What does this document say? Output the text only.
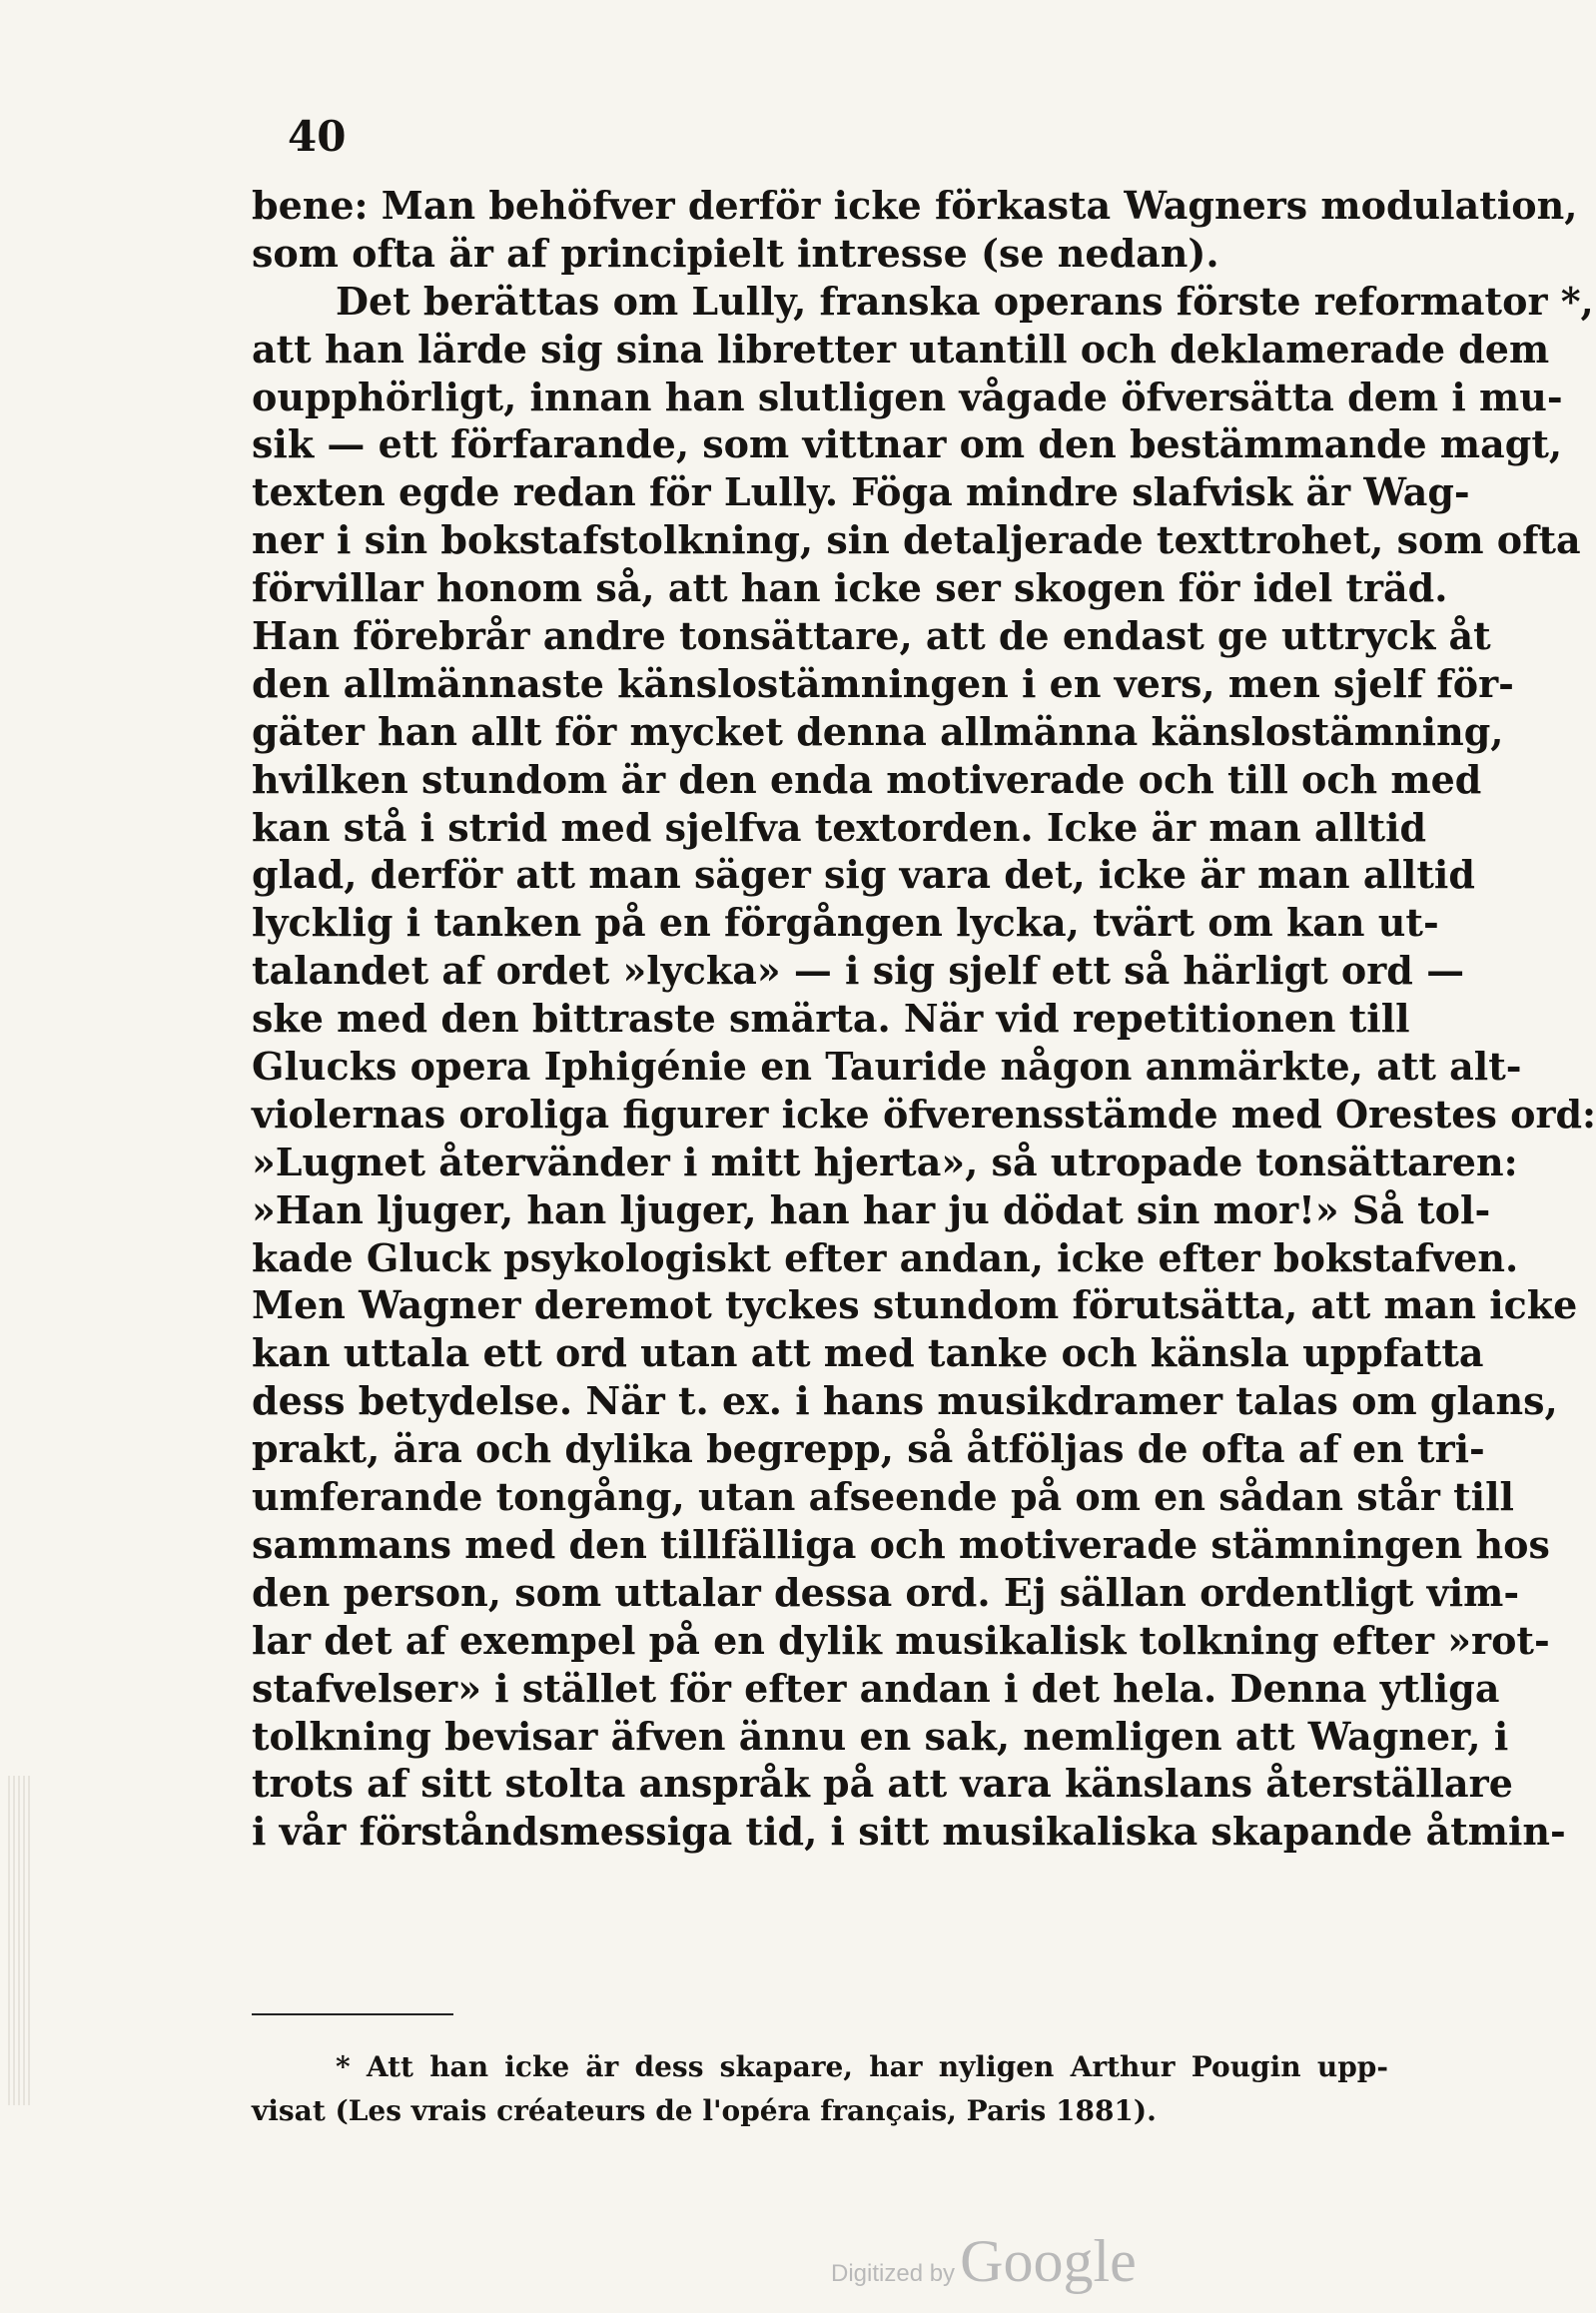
40
bene: Man behöfver derför icke förkasta Wagners modulation,
som ofta är af principielt intresse (se nedan).
Det berättas om Lully, franska operans förste reformator *,
att han lärde sig sina libretter utantill och deklamerade dem
oupphörligt, innan han slutligen vågade öfversätta dem i mu-
sik — ett förfarande, som vittnar om den bestämmande magt,
texten egde redan för Lully. Föga mindre slafvisk är Wag-
ner i sin bokstafstolkning, sin detaljerade texttrohet, som ofta
förvillar honom så, att han icke ser skogen för idel träd.
Han förebrår andre tonsättare, att de endast ge uttryck åt
den allmännaste känslostämningen i en vers, men sjelf för-
gäter han allt för mycket denna allmänna känslostämning,
hvilken stundom är den enda motiverade och till och med
kan stå i strid med sjelfva textorden. Icke är man alltid
glad, derför att man säger sig vara det, icke är man alltid
lycklig i tanken på en förgången lycka, tvärt om kan ut-
talandet af ordet »lycka» — i sig sjelf ett så härligt ord —
ske med den bittraste smärta. När vid repetitionen till
Glucks opera Iphigénie en Tauride någon anmärkte, att alt-
violernas oroliga figurer icke öfverensstämde med Orestes ord:
»Lugnet återvänder i mitt hjerta», så utropade tonsättaren:
»Han ljuger, han ljuger, han har ju dödat sin mor!» Så tol-
kade Gluck psykologiskt efter andan, icke efter bokstafven.
Men Wagner deremot tyckes stundom förutsätta, att man icke
kan uttala ett ord utan att med tanke och känsla uppfatta
dess betydelse. När t. ex. i hans musikdramer talas om glans,
prakt, ära och dylika begrepp, så åtföljas de ofta af en tri-
umferande tongång, utan afseende på om en sådan står till
sammans med den tillfälliga och motiverade stämningen hos
den person, som uttalar dessa ord. Ej sällan ordentligt vim-
lar det af exempel på en dylik musikalisk tolkning efter »rot-
stafvelser» i stället för efter andan i det hela. Denna ytliga
tolkning bevisar äfven ännu en sak, nemligen att Wagner, i
trots af sitt stolta anspråk på att vara känslans återställare
i vår förståndsmessiga tid, i sitt musikaliska skapande åtmin-
* Att han icke är dess skapare, har nyligen Arthur Pougin upp-
visat (Les vrais créateurs de l'opéra français, Paris 1881).
Digitized by Google
